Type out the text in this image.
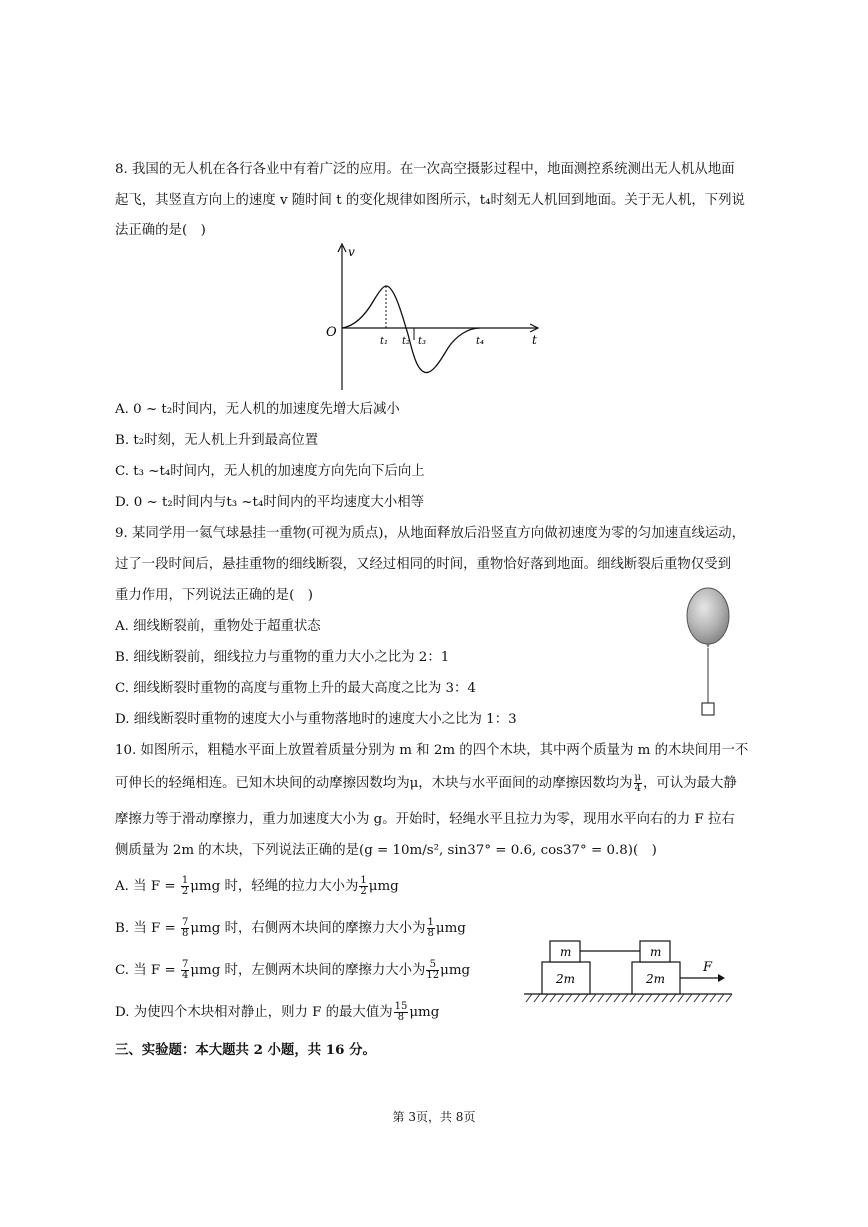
8. 我国的无人机在各行各业中有着广泛的应用。在一次高空摄影过程中，地面测控系统测出无人机从地面
起飞，其竖直方向上的速度 v 随时间 t 的变化规律如图所示，t₄时刻无人机回到地面。关于无人机，下列说
法正确的是(　)
v
t
O
t₁ t₂ t₃	t₄
A. 0 ~ t₂时间内，无人机的加速度先增大后减小
B. t₂时刻，无人机上升到最高位置
C. t₃ ~t₄时间内，无人机的加速度方向先向下后向上
D. 0 ~ t₂时间内与t₃ ~t₄时间内的平均速度大小相等
9. 某同学用一氦气球悬挂一重物(可视为质点)，从地面释放后沿竖直方向做初速度为零的匀加速直线运动，
过了一段时间后，悬挂重物的细线断裂，又经过相同的时间，重物恰好落到地面。细线断裂后重物仅受到
重力作用，下列说法正确的是(　)
A. 细线断裂前，重物处于超重状态
B. 细线断裂前，细线拉力与重物的重力大小之比为 2：1
C. 细线断裂时重物的高度与重物上升的最大高度之比为 3：4
D. 细线断裂时重物的速度大小与重物落地时的速度大小之比为 1：3
10. 如图所示，粗糙水平面上放置着质量分别为 m 和 2m 的四个木块，其中两个质量为 m 的木块间用一不
可伸长的轻绳相连。已知木块间的动摩擦因数均为μ，木块与水平面间的动摩擦因数均为 $\frac{\mu}{4}$ ，可认为最大静
摩擦力等于滑动摩擦力，重力加速度大小为 g。开始时，轻绳水平且拉力为零，现用水平向右的力 F 拉右
侧质量为 2m 的木块，下列说法正确的是(g = 10m/s², sin37° = 0.6, cos37° = 0.8)(　)
A. 当 $F = \frac{1}{2}$ μmg 时，轻绳的拉力大小为 $\frac{1}{2}$ μmg
B. 当 $F = \frac{7}{8}$ μmg 时，右侧两木块间的摩擦力大小为 $\frac{1}{8}$ μmg
C. 当 $F = \frac{7}{4}$ μmg 时，左侧两木块间的摩擦力大小为 $\frac{5}{12}$ μmg
D. 为使四个木块相对静止，则力 F 的最大值为 $\frac{15}{8}$ μmg
2m	2m
m	m
F
三、实验题：本大题共 2 小题，共 16 分。
第 3页，共 8页
